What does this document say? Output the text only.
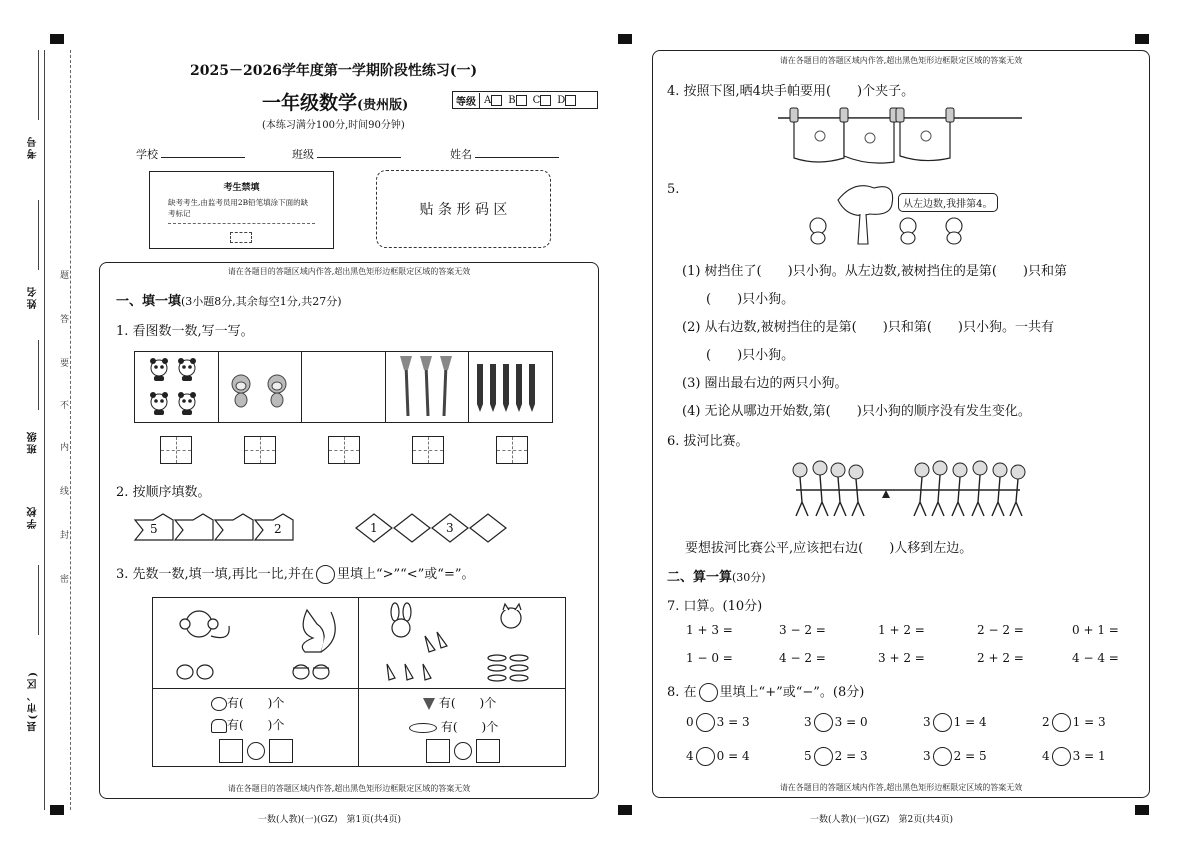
考号
姓名
班级
学校
县(市、区)
题
答
要
不
内
线
封
密
2025－2026学年度第一学期阶段性练习(一)
一年级数学(贵州版)	等级 A	B	C	D
(本练习满分100分,时间90分钟)
学校	班级	姓名
考生禁填
缺考考生,由监考员用2B铅笔填涂下面的缺考标记	贴 条 形 码 区
请在各题目的答题区域内作答,超出黑色矩形边框限定区域的答案无效
请在各题目的答题区域内作答,超出黑色矩形边框限定区域的答案无效
一、填一填(3小题8分,其余每空1分,共27分)
1. 看图数一数,写一写。
2. 按顺序填数。
5	2	1	3
3. 先数一数,填一填,再比一比,并在 里填上“>”“<”或“=”。
有(　　)个
有(　　)个
有(　　)个
有(　　)个
一数(人教)(一)(GZ)　第1页(共4页)
请在各题目的答题区域内作答,超出黑色矩形边框限定区域的答案无效
请在各题目的答题区域内作答,超出黑色矩形边框限定区域的答案无效
4. 按照下图,晒4块手帕要用(　　)个夹子。
5.
从左边数,我排第4。
(1) 树挡住了(　　)只小狗。从左边数,被树挡住的是第(　　)只和第
(　　)只小狗。
(2) 从右边数,被树挡住的是第(　　)只和第(　　)只小狗。一共有
(　　)只小狗。
(3) 圈出最右边的两只小狗。
(4) 无论从哪边开始数,第(　　)只小狗的顺序没有发生变化。
6. 拔河比赛。
要想拔河比赛公平,应该把右边(　　)人移到左边。
二、算一算(30分)
7. 口算。(10分)
1 + 3 =	3 − 2 =	1 + 2 =	2 − 2 =	0 + 1 =
1 − 0 =	4 − 2 =	3 + 2 =	2 + 2 =	4 − 4 =
8. 在 里填上“+”或“−”。(8分)
0 3 = 3	3 3 = 0	3 1 = 4	2 1 = 3
4 0 = 4	5 2 = 3	3 2 = 5	4 3 = 1
一数(人教)(一)(GZ)　第2页(共4页)
